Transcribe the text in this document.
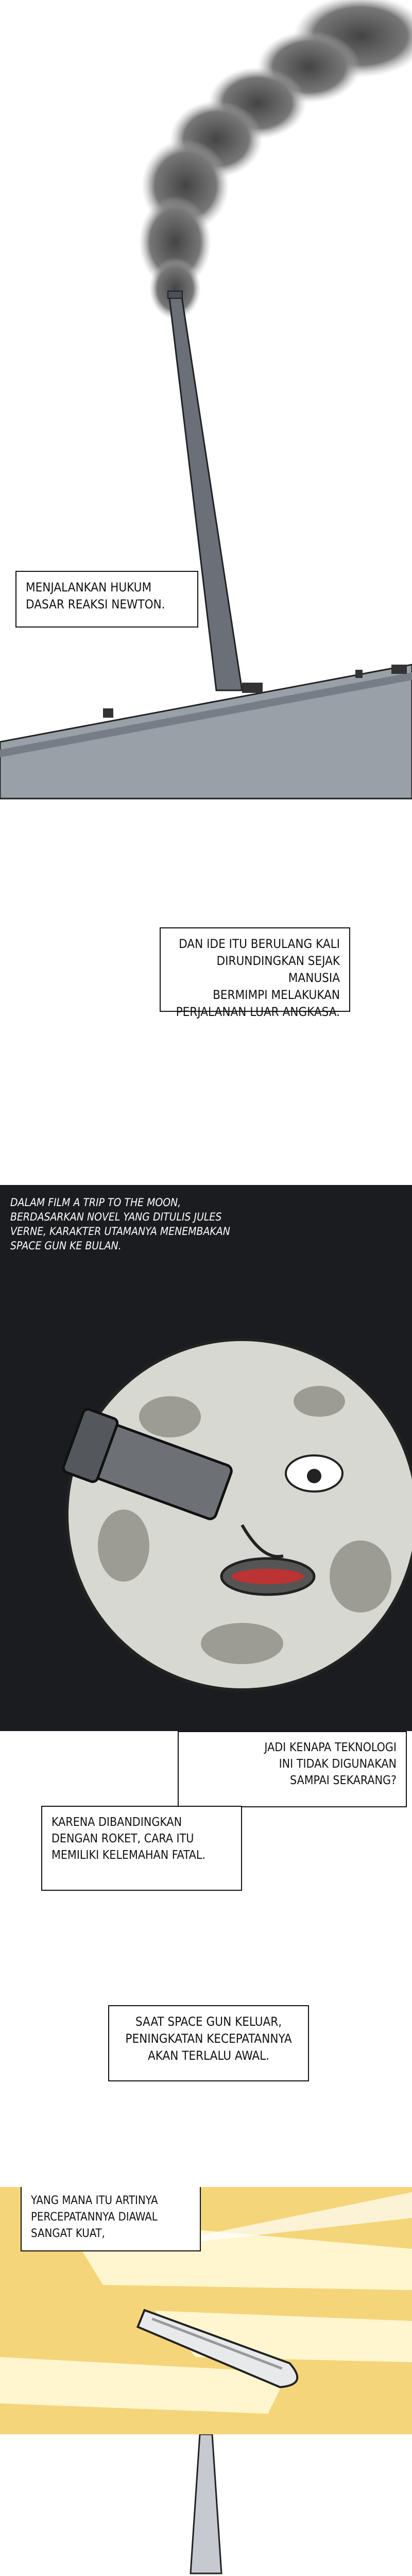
MENJALANKAN HUKUM
DASAR REAKSI NEWTON.
DAN IDE ITU BERULANG KALI
DIRUNDINGKAN SEJAK MANUSIA
BERMIMPI MELAKUKAN
PERJALANAN LUAR ANGKASA.
DALAM FILM A TRIP TO THE MOON,
BERDASARKAN NOVEL YANG DITULIS JULES
VERNE, KARAKTER UTAMANYA MENEMBAKAN
SPACE GUN KE BULAN.
JADI KENAPA TEKNOLOGI
INI TIDAK DIGUNAKAN
SAMPAI SEKARANG?
KARENA DIBANDINGKAN
DENGAN ROKET, CARA ITU
MEMILIKI KELEMAHAN FATAL.
SAAT SPACE GUN KELUAR,
PENINGKATAN KECEPATANNYA
AKAN TERLALU AWAL.
YANG MANA ITU ARTINYA
PERCEPATANNYA DIAWAL
SANGAT KUAT,
